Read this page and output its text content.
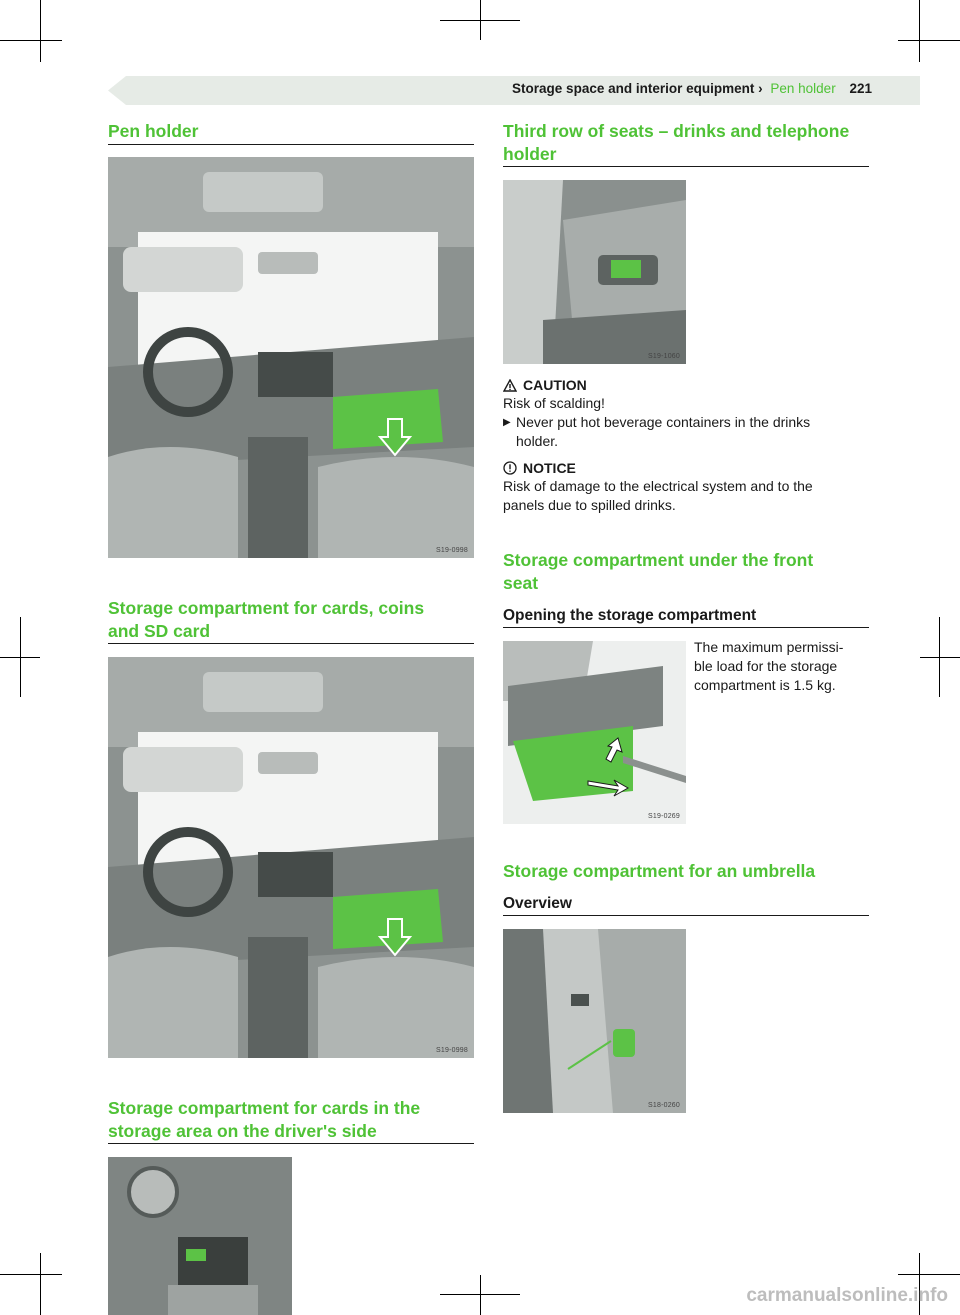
Storage space and interior equipment › Pen holder 221
Pen holder
S19-0998
Storage compartment for cards, coins
and SD card
S19-0998
Storage compartment for cards in the
storage area on the driver's side
Third row of seats – drinks and telephone
holder
S19-1060
CAUTION
Risk of scalding!
▶ Never put hot beverage containers in the drinks
holder.
NOTICE
Risk of damage to the electrical system and to the
panels due to spilled drinks.
Storage compartment under the front
seat
Opening the storage compartment
S19-0269
The maximum permissi-
ble load for the storage
compartment is 1.5 kg.
Storage compartment for an umbrella
Overview
S18-0260
carmanualsonline.info
